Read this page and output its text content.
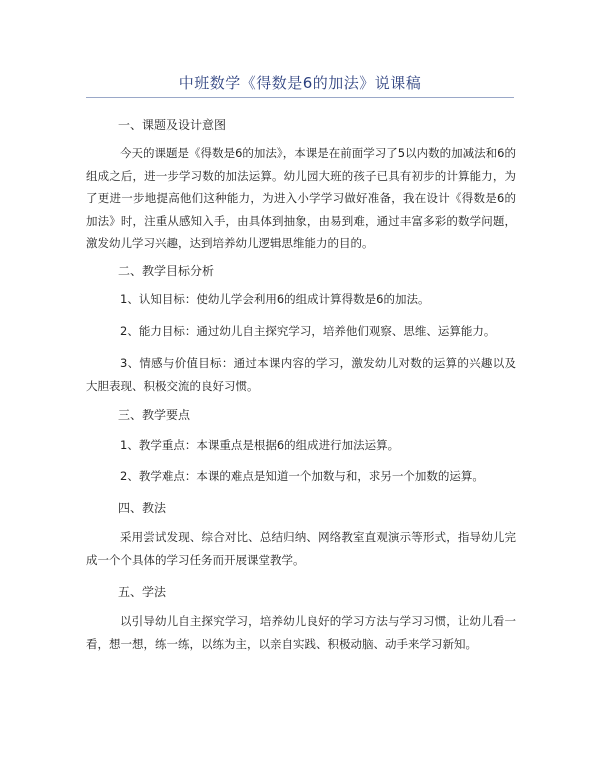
中班数学《得数是6的加法》说课稿
一、课题及设计意图
今天的课题是《得数是6的加法》，本课是在前面学习了5以内数的加减法和6的组成之后，进一步学习数的加法运算。幼儿园大班的孩子已具有初步的计算能力，为了更进一步地提高他们这种能力，为进入小学学习做好准备，我在设计《得数是6的加法》时，注重从感知入手，由具体到抽象，由易到难，通过丰富多彩的数学问题，激发幼儿学习兴趣，达到培养幼儿逻辑思维能力的目的。
二、教学目标分析
1、认知目标：使幼儿学会利用6的组成计算得数是6的加法。
2、能力目标：通过幼儿自主探究学习，培养他们观察、思维、运算能力。
3、情感与价值目标：通过本课内容的学习，激发幼儿对数的运算的兴趣以及大胆表现、积极交流的良好习惯。
三、教学要点
1、教学重点：本课重点是根据6的组成进行加法运算。
2、教学难点：本课的难点是知道一个加数与和，求另一个加数的运算。
四、教法
采用尝试发现、综合对比、总结归纳、网络教室直观演示等形式，指导幼儿完成一个个具体的学习任务而开展课堂教学。
五、学法
以引导幼儿自主探究学习，培养幼儿良好的学习方法与学习习惯，让幼儿看一看，想一想，练一练，以练为主，以亲自实践、积极动脑、动手来学习新知。
